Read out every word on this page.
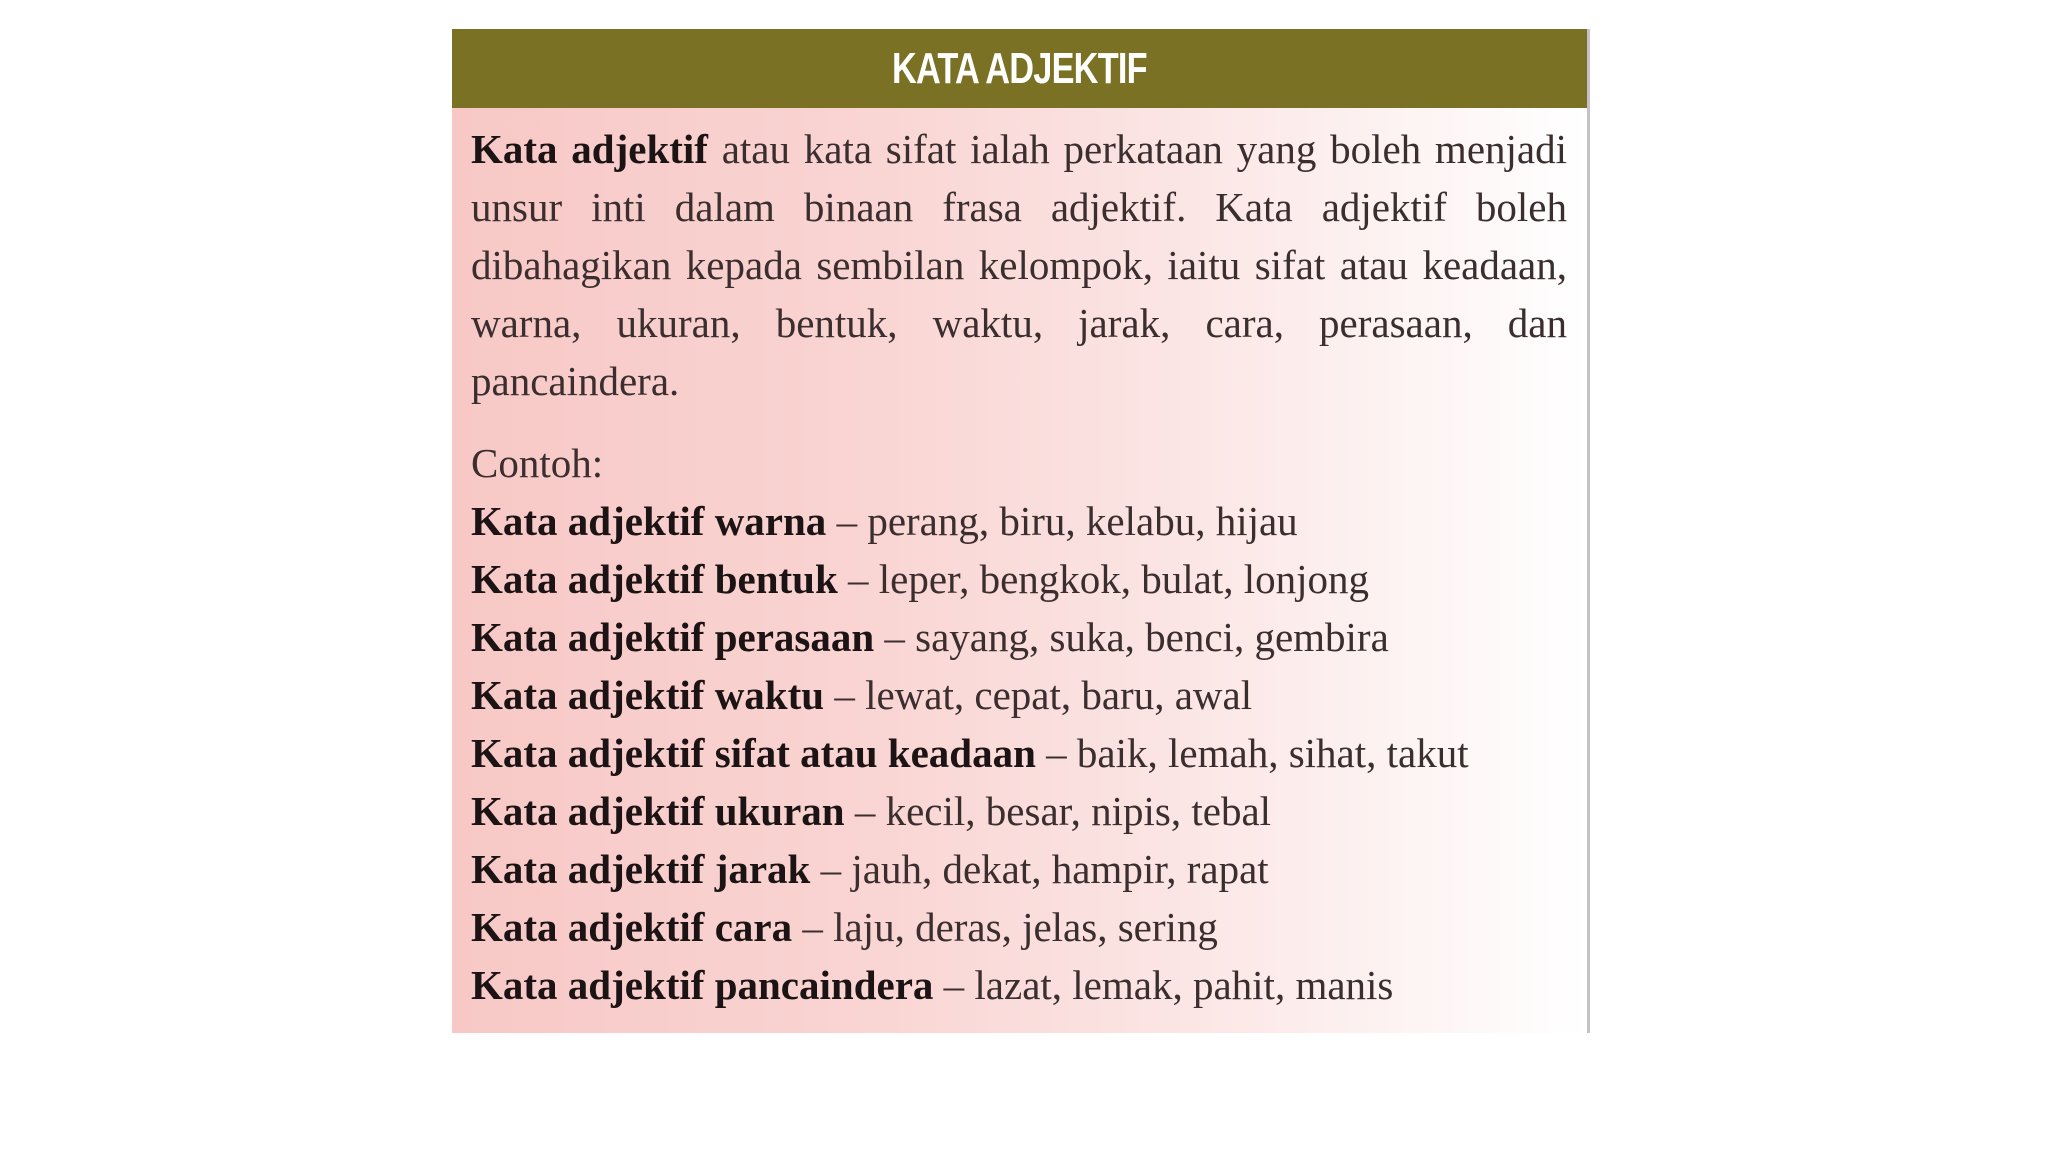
KATA ADJEKTIF

Kata adjektif atau kata sifat ialah perkataan yang boleh menjadi unsur inti dalam binaan frasa adjektif. Kata adjektif boleh dibahagikan kepada sembilan kelompok, iaitu sifat atau keadaan, warna, ukuran, bentuk, waktu, jarak, cara, perasaan, dan pancaindera.

Contoh:

Kata adjektif warna – perang, biru, kelabu, hijau
Kata adjektif bentuk – leper, bengkok, bulat, lonjong
Kata adjektif perasaan – sayang, suka, benci, gembira
Kata adjektif waktu – lewat, cepat, baru, awal
Kata adjektif sifat atau keadaan – baik, lemah, sihat, takut
Kata adjektif ukuran – kecil, besar, nipis, tebal
Kata adjektif jarak – jauh, dekat, hampir, rapat
Kata adjektif cara – laju, deras, jelas, sering
Kata adjektif pancaindera – lazat, lemak, pahit, manis
